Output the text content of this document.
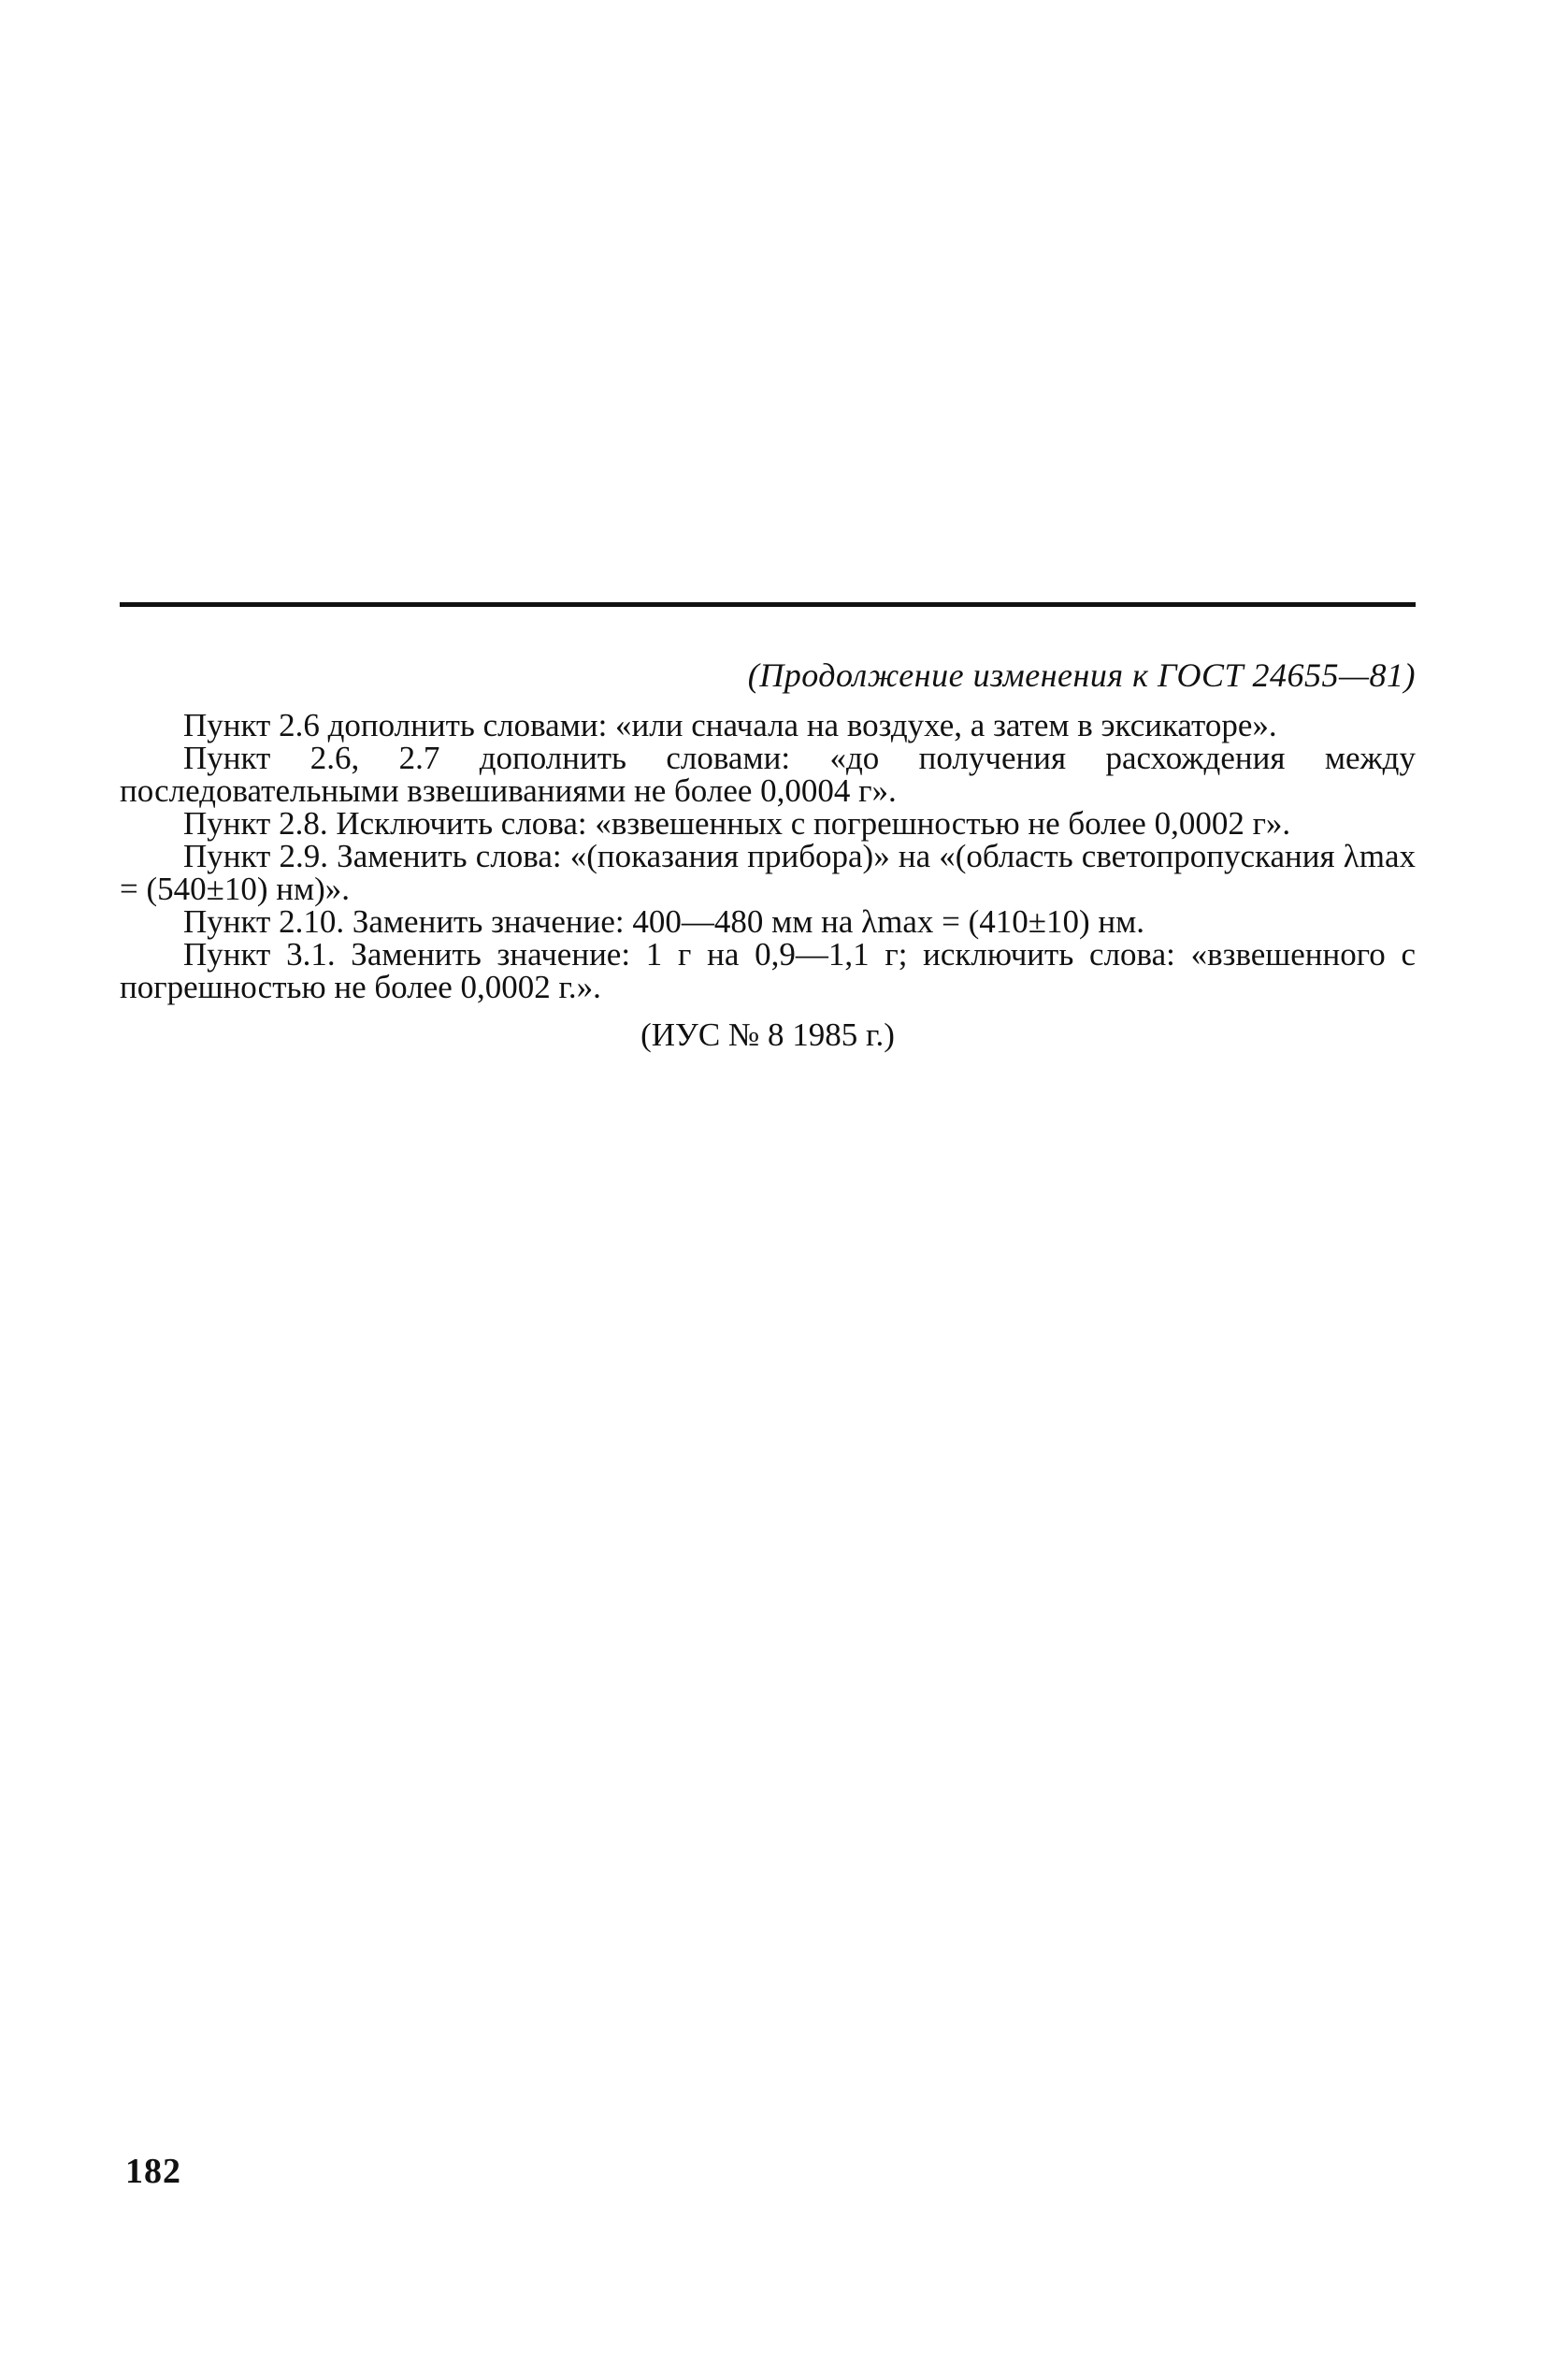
(Продолжение изменения к ГОСТ 24655—81)

Пункт 2.6 дополнить словами: «или сначала на воздухе, а затем в эксикаторе».

Пункт 2.6, 2.7 дополнить словами: «до получения расхождения между последовательными взвешиваниями не более 0,0004 г».

Пункт 2.8. Исключить слова: «взвешенных с погрешностью не более 0,0002 г».

Пункт 2.9. Заменить слова: «(показания прибора)» на «(область светопропускания λmax = (540±10) нм)».

Пункт 2.10. Заменить значение: 400—480 мм на λmax = (410±10) нм.

Пункт 3.1. Заменить значение: 1 г на 0,9—1,1 г; исключить слова: «взвешенного с погрешностью не более 0,0002 г.».

(ИУС № 8 1985 г.)

182
